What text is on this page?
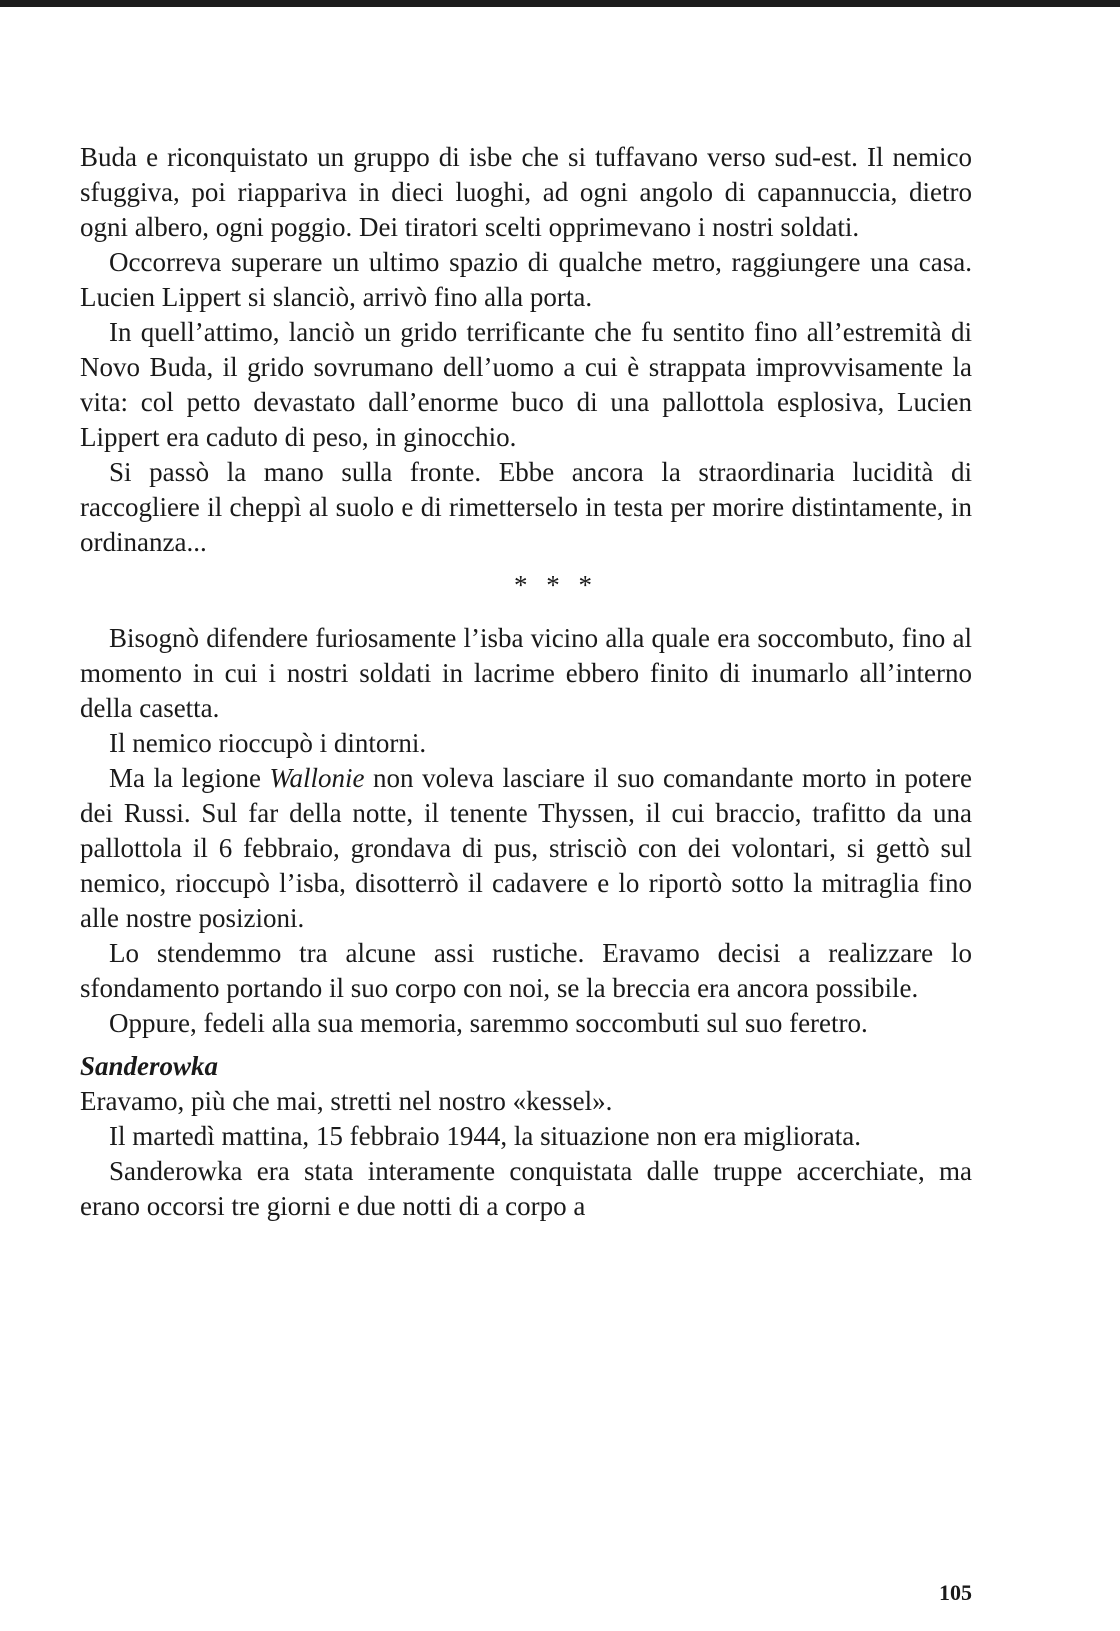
Buda e riconquistato un gruppo di isbe che si tuffavano verso sud-est. Il nemico sfuggiva, poi riappariva in dieci luoghi, ad ogni angolo di capannuccia, dietro ogni albero, ogni poggio. Dei tiratori scelti opprimevano i nostri soldati.

Occorreva superare un ultimo spazio di qualche metro, raggiungere una casa. Lucien Lippert si slanciò, arrivò fino alla porta.

In quell’attimo, lanciò un grido terrificante che fu sentito fino all’estremità di Novo Buda, il grido sovrumano dell’uomo a cui è strappata improvvisamente la vita: col petto devastato dall’enorme buco di una pallottola esplosiva, Lucien Lippert era caduto di peso, in ginocchio.

Si passò la mano sulla fronte. Ebbe ancora la straordinaria lucidità di raccogliere il cheppì al suolo e di rimetterselo in testa per morire distintamente, in ordinanza...

* * *

Bisognò difendere furiosamente l’isba vicino alla quale era soccombuto, fino al momento in cui i nostri soldati in lacrime ebbero finito di inumarlo all’interno della casetta.

Il nemico rioccupò i dintorni.

Ma la legione Wallonie non voleva lasciare il suo comandante morto in potere dei Russi. Sul far della notte, il tenente Thyssen, il cui braccio, trafitto da una pallottola il 6 febbraio, grondava di pus, strisciò con dei volontari, si gettò sul nemico, rioccupò l’isba, disotterrò il cadavere e lo riportò sotto la mitraglia fino alle nostre posizioni.

Lo stendemmo tra alcune assi rustiche. Eravamo decisi a realizzare lo sfondamento portando il suo corpo con noi, se la breccia era ancora possibile.

Oppure, fedeli alla sua memoria, saremmo soccombuti sul suo feretro.

Sanderowka

Eravamo, più che mai, stretti nel nostro «kessel».

Il martedì mattina, 15 febbraio 1944, la situazione non era migliorata.

Sanderowka era stata interamente conquistata dalle truppe accerchiate, ma erano occorsi tre giorni e due notti di a corpo a

105
